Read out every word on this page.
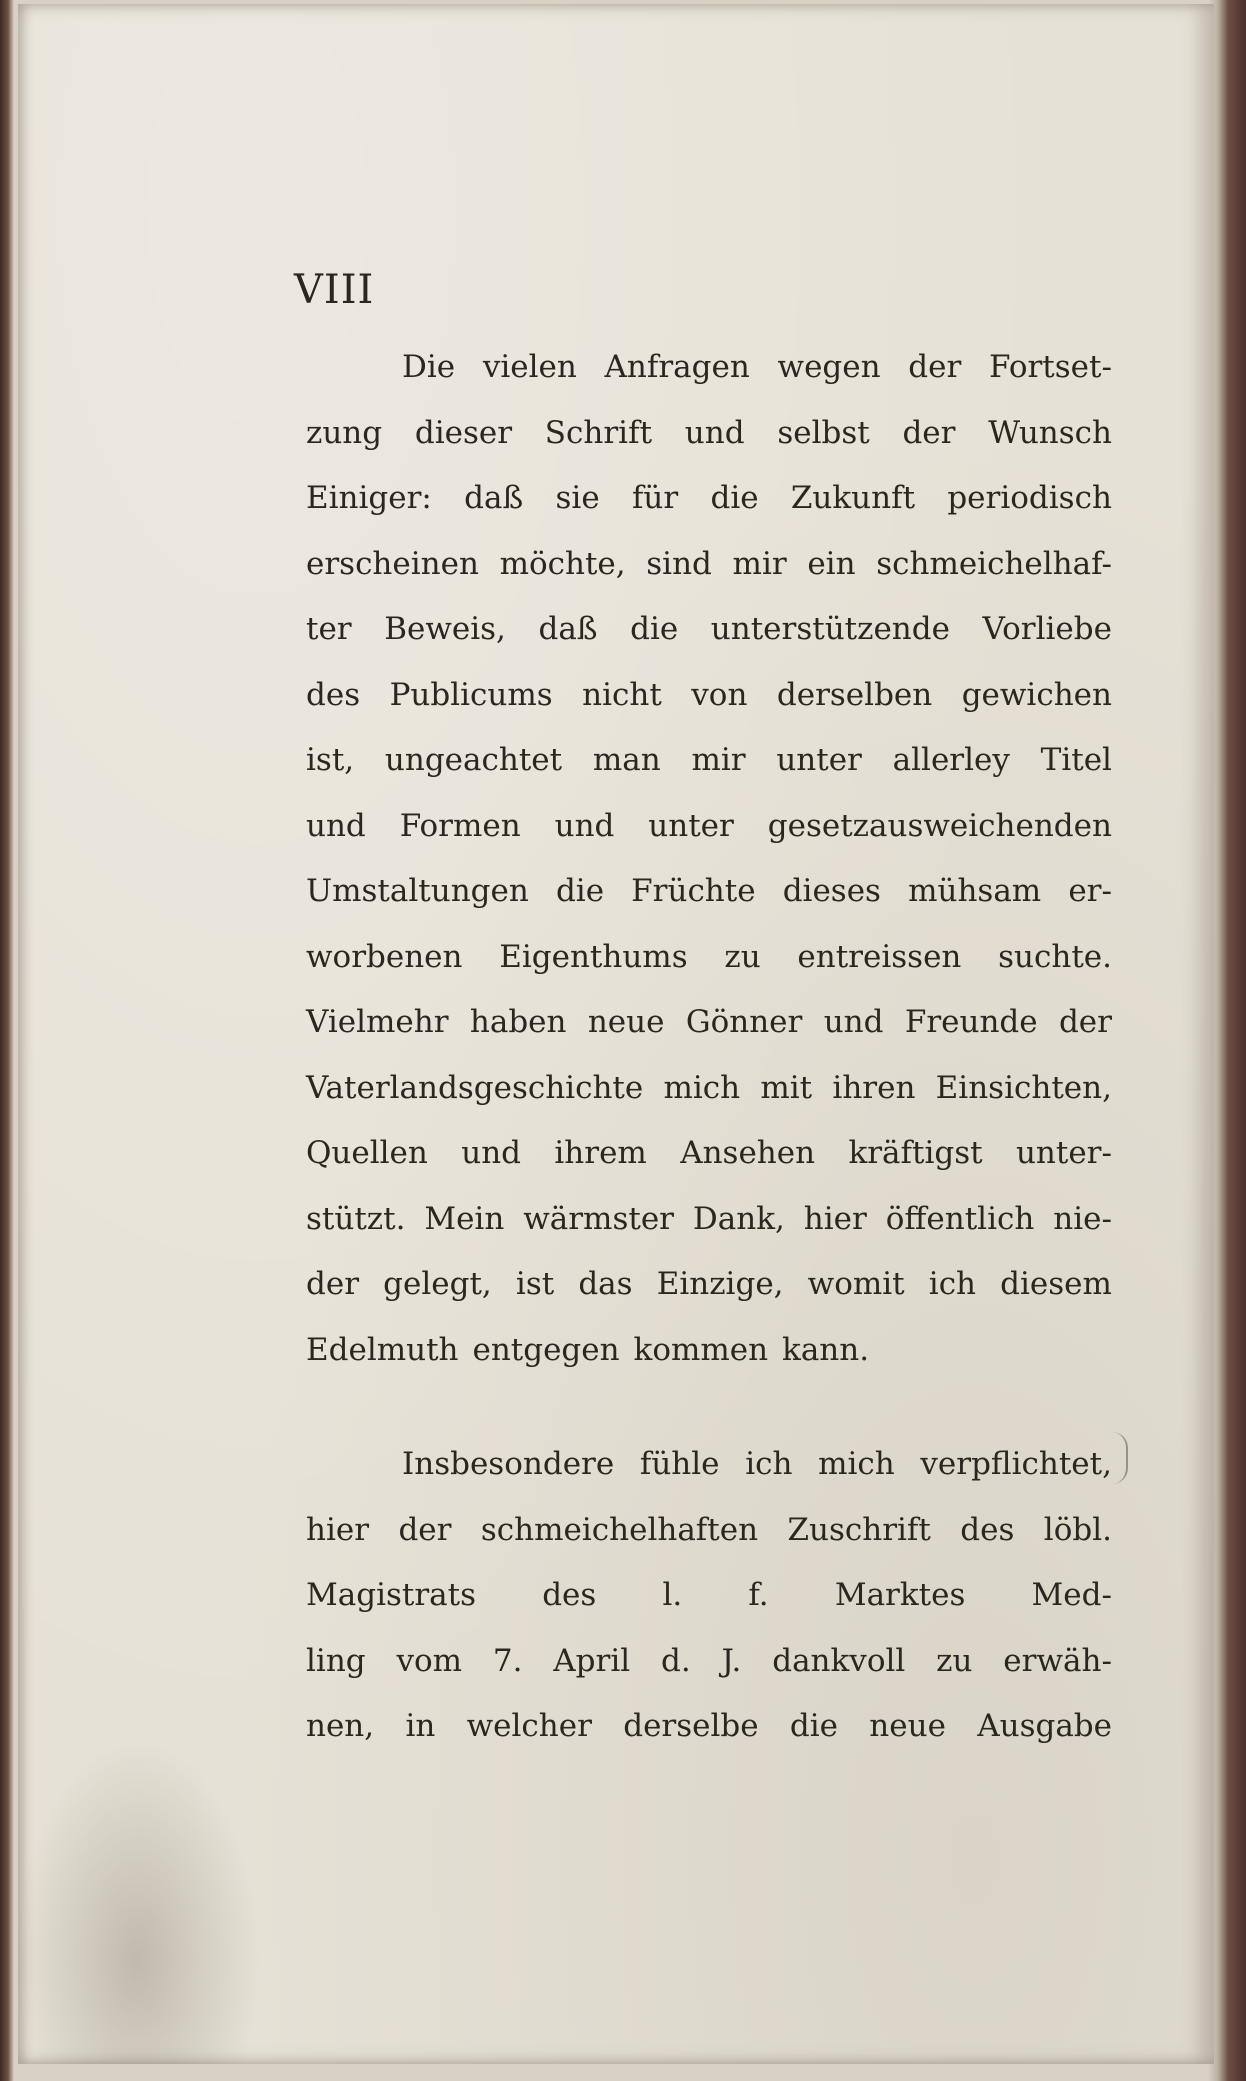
VIII
Die vielen Anfragen wegen der Fortset-
zung dieser Schrift und selbst der Wunsch
Einiger: daß sie für die Zukunft periodisch
erscheinen möchte, sind mir ein schmeichelhaf-
ter Beweis, daß die unterstützende Vorliebe
des Publicums nicht von derselben gewichen
ist, ungeachtet man mir unter allerley Titel
und Formen und unter gesetzausweichenden
Umstaltungen die Früchte dieses mühsam er-
worbenen Eigenthums zu entreissen suchte.
Vielmehr haben neue Gönner und Freunde der
Vaterlandsgeschichte mich mit ihren Einsichten,
Quellen und ihrem Ansehen kräftigst unter-
stützt. Mein wärmster Dank, hier öffentlich nie-
der gelegt, ist das Einzige, womit ich diesem
Edelmuth entgegen kommen kann.
Insbesondere fühle ich mich verpflichtet,
hier der schmeichelhaften Zuschrift des löbl.
Magistrats des l. f. Marktes Med-
ling vom 7. April d. J. dankvoll zu erwäh-
nen, in welcher derselbe die neue Ausgabe
